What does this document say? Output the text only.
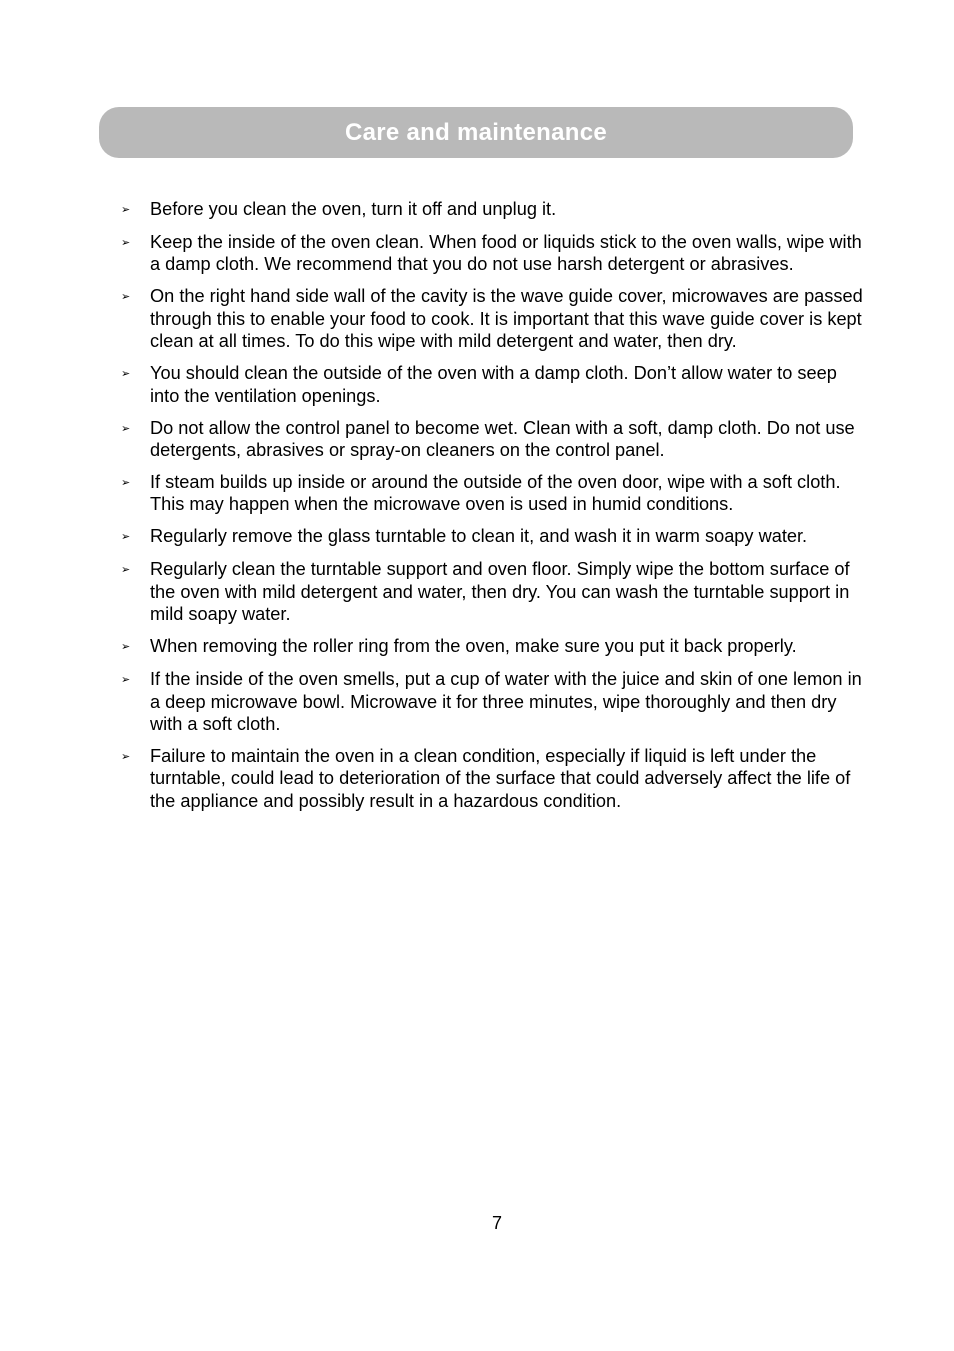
Care and maintenance
➢	Before you clean the oven, turn it off and unplug it.
➢	Keep the inside of the oven clean. When food or liquids stick to the oven walls, wipe with a damp cloth. We recommend that you do not use harsh detergent or abrasives.
➢	On the right hand side wall of the cavity is the wave guide cover, microwaves are passed through this to enable your food to cook. It is important that this wave guide cover is kept clean at all times. To do this wipe with mild detergent and water, then dry.
➢	You should clean the outside of the oven with a damp cloth. Don’t allow water to seep into the ventilation openings.
➢	Do not allow the control panel to become wet. Clean with a soft, damp cloth. Do not use detergents, abrasives or spray-on cleaners on the control panel.
➢	If steam builds up inside or around the outside of the oven door, wipe with a soft cloth. This may happen when the microwave oven is used in humid conditions.
➢	Regularly remove the glass turntable to clean it, and wash it in warm soapy water.
➢	Regularly clean the turntable support and oven floor. Simply wipe the bottom surface of the oven with mild detergent and water, then dry. You can wash the turntable support in mild soapy water.
➢	When removing the roller ring from the oven, make sure you put it back properly.
➢	If the inside of the oven smells, put a cup of water with the juice and skin of one lemon in a deep microwave bowl. Microwave it for three minutes, wipe thoroughly and then dry with a soft cloth.
➢	Failure to maintain the oven in a clean condition, especially if liquid is left under the turntable, could lead to deterioration of the surface that could adversely affect the life of the appliance and possibly result in a hazardous condition.
7
